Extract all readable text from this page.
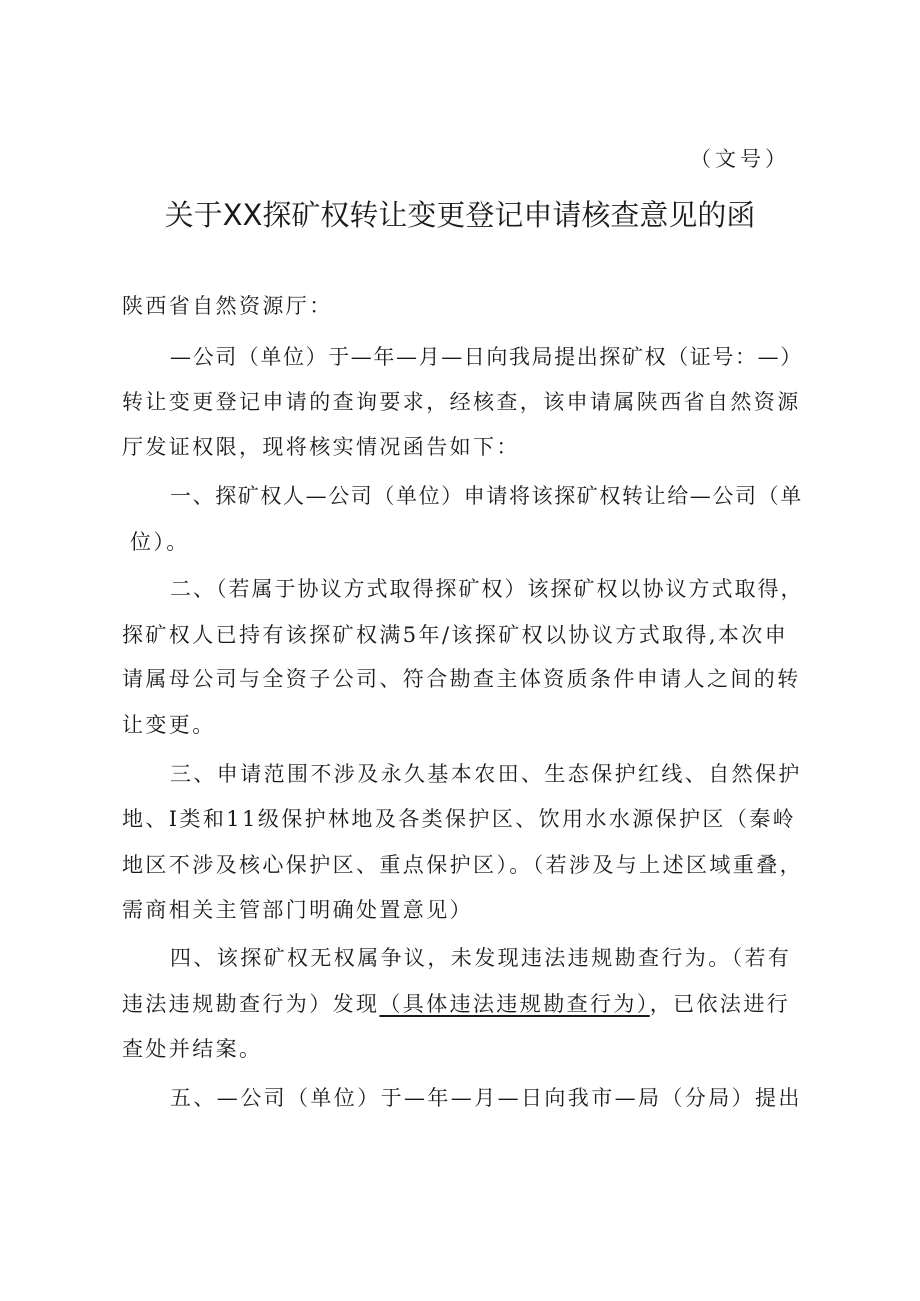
（文号）
关于XX探矿权转让变更登记申请核查意见的函
陕西省自然资源厅：
—公司（单位）于—年—月—日向我局提出探矿权（证号：—）
转让变更登记申请的查询要求，经核查，该申请属陕西省自然资源
厅发证权限，现将核实情况函告如下：
一、探矿权人—公司（单位）申请将该探矿权转让给—公司（单
位）。
二、（若属于协议方式取得探矿权）该探矿权以协议方式取得，
探矿权人已持有该探矿权满5年/该探矿权以协议方式取得,本次申
请属母公司与全资子公司、符合勘查主体资质条件申请人之间的转
让变更。
三、申请范围不涉及永久基本农田、生态保护红线、自然保护
地、I类和11级保护林地及各类保护区、饮用水水源保护区（秦岭
地区不涉及核心保护区、重点保护区）。（若涉及与上述区域重叠，
需商相关主管部门明确处置意见）
四、该探矿权无权属争议，未发现违法违规勘查行为。（若有
违法违规勘查行为）发现（具体违法违规勘查行为），已依法进行
查处并结案。
五、—公司（单位）于—年—月—日向我市—局（分局）提出
